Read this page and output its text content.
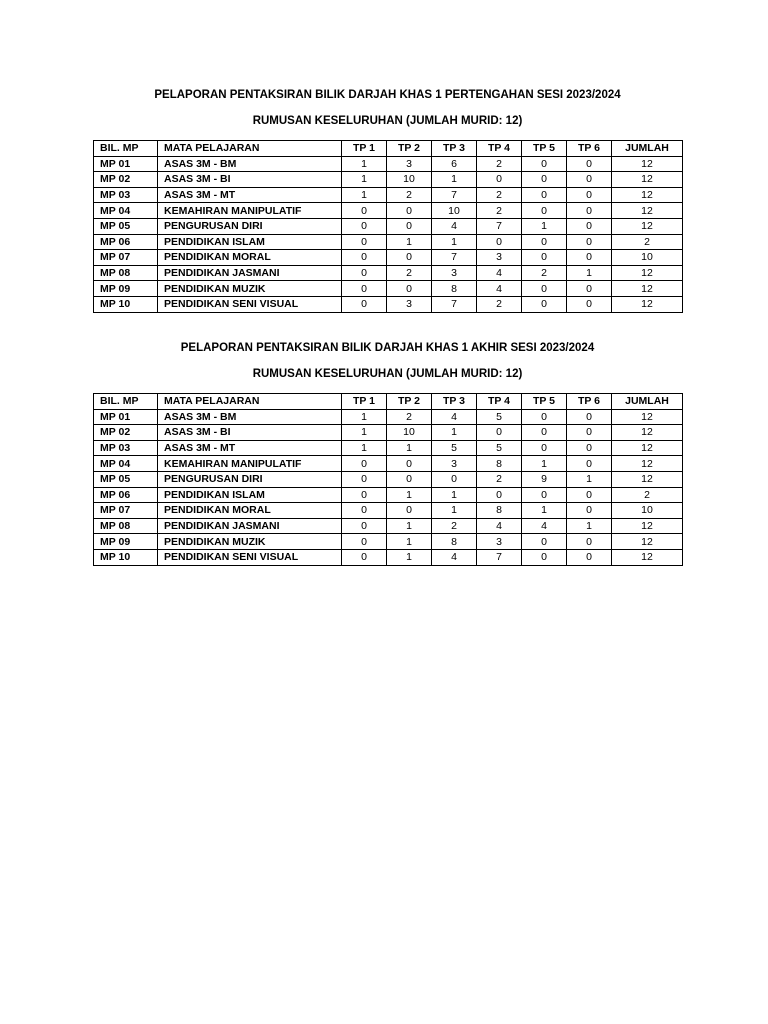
PELAPORAN PENTAKSIRAN BILIK DARJAH KHAS 1 PERTENGAHAN SESI 2023/2024
RUMUSAN KESELURUHAN (JUMLAH MURID: 12)
BIL. MP	MATA PELAJARAN	TP 1	TP 2	TP 3	TP 4	TP 5	TP 6	JUMLAH
MP 01	ASAS 3M - BM	1	3	6	2	0	0	12
MP 02	ASAS 3M - BI	1	10	1	0	0	0	12
MP 03	ASAS 3M - MT	1	2	7	2	0	0	12
MP 04	KEMAHIRAN MANIPULATIF	0	0	10	2	0	0	12
MP 05	PENGURUSAN DIRI	0	0	4	7	1	0	12
MP 06	PENDIDIKAN ISLAM	0	1	1	0	0	0	2
MP 07	PENDIDIKAN MORAL	0	0	7	3	0	0	10
MP 08	PENDIDIKAN JASMANI	0	2	3	4	2	1	12
MP 09	PENDIDIKAN MUZIK	0	0	8	4	0	0	12
MP 10	PENDIDIKAN SENI VISUAL	0	3	7	2	0	0	12
PELAPORAN PENTAKSIRAN BILIK DARJAH KHAS 1 AKHIR SESI 2023/2024
RUMUSAN KESELURUHAN (JUMLAH MURID: 12)
BIL. MP	MATA PELAJARAN	TP 1	TP 2	TP 3	TP 4	TP 5	TP 6	JUMLAH
MP 01	ASAS 3M - BM	1	2	4	5	0	0	12
MP 02	ASAS 3M - BI	1	10	1	0	0	0	12
MP 03	ASAS 3M - MT	1	1	5	5	0	0	12
MP 04	KEMAHIRAN MANIPULATIF	0	0	3	8	1	0	12
MP 05	PENGURUSAN DIRI	0	0	0	2	9	1	12
MP 06	PENDIDIKAN ISLAM	0	1	1	0	0	0	2
MP 07	PENDIDIKAN MORAL	0	0	1	8	1	0	10
MP 08	PENDIDIKAN JASMANI	0	1	2	4	4	1	12
MP 09	PENDIDIKAN MUZIK	0	1	8	3	0	0	12
MP 10	PENDIDIKAN SENI VISUAL	0	1	4	7	0	0	12
